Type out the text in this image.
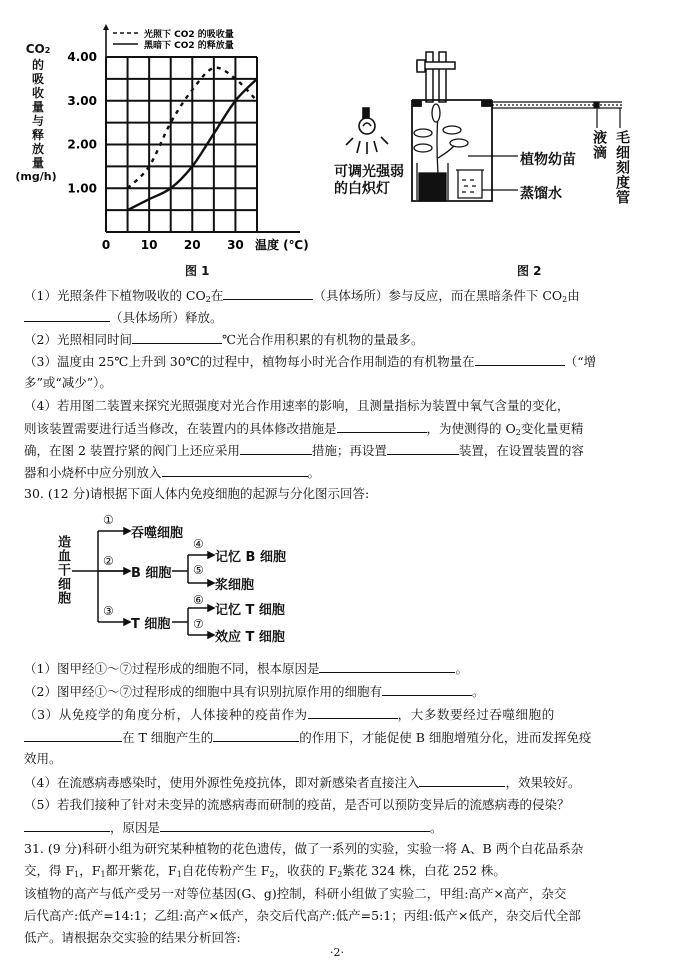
CO2
的
吸
收
量
与
释
放
量
(mg/h)
0	10 20 30
1.00
2.00
3.00
4.00
温度 (℃)
光照下 CO2 的吸收量
黑暗下 CO2 的释放量
图 1
可调光强弱
的白炽灯
植物幼苗
蒸馏水
液滴 毛细刻度管
图 2
（1）光照条件下植物吸收的 $CO_2$在	（具体场所）参与反应，而在黑暗条件下 $CO_2$由
（具体场所）释放。
（2）光照相同时间	℃光合作用积累的有机物的量最多。
（3）温度由 25℃上升到 30℃的过程中，植物每小时光合作用制造的有机物量在	（“增
多”或“减少”）。
（4）若用图二装置来探究光照强度对光合作用速率的影响，且测量指标为装置中氧气含量的变化，
则该装置需要进行适当修改，在装置内的具体修改措施是	，为使测得的 $O_2$变化量更精
确，在图 2 装置拧紧的阀门上还应采用	措施；再设置	装置，在设置装置的容
器和小烧杯中应分别放入	。
30. (12 分)请根据下面人体内免疫细胞的起源与分化图示回答:
造血干细胞
①
②
③
④
⑤
⑥
⑦
吞噬细胞
B 细胞
T 细胞
记忆 B 细胞
浆细胞
记忆 T 细胞
效应 T 细胞
（1）图甲经①～⑦过程形成的细胞不同，根本原因是	。
（2）图甲经①～⑦过程形成的细胞中具有识别抗原作用的细胞有	。
（3）从免疫学的角度分析，人体接种的疫苗作为	，大多数要经过吞噬细胞的
在 T 细胞产生的	的作用下，才能促使 B 细胞增殖分化，进而发挥免疫
效用。
（4）在流感病毒感染时，使用外源性免疫抗体，即对新感染者直接注入	，效果较好。
（5）若我们接种了针对未变异的流感病毒而研制的疫苗，是否可以预防变异后的流感病毒的侵染？
，原因是	。
31. (9 分)科研小组为研究某种植物的花色遗传，做了一系列的实验，实验一将 A、B 两个白花品系杂
交，得 $F_1$，$F_1$都开紫花，$F_1$自花传粉产生 $F_2$，收获的 $F_2$紫花 324 株，白花 252 株。
该植物的高产与低产受另一对等位基因(G、g)控制，科研小组做了实验二，甲组:高产×高产，杂交
后代高产:低产=14:1；乙组:高产×低产，杂交后代高产:低产=5:1；丙组:低产×低产，杂交后代全部
低产。请根据杂交实验的结果分析回答:
·2·
